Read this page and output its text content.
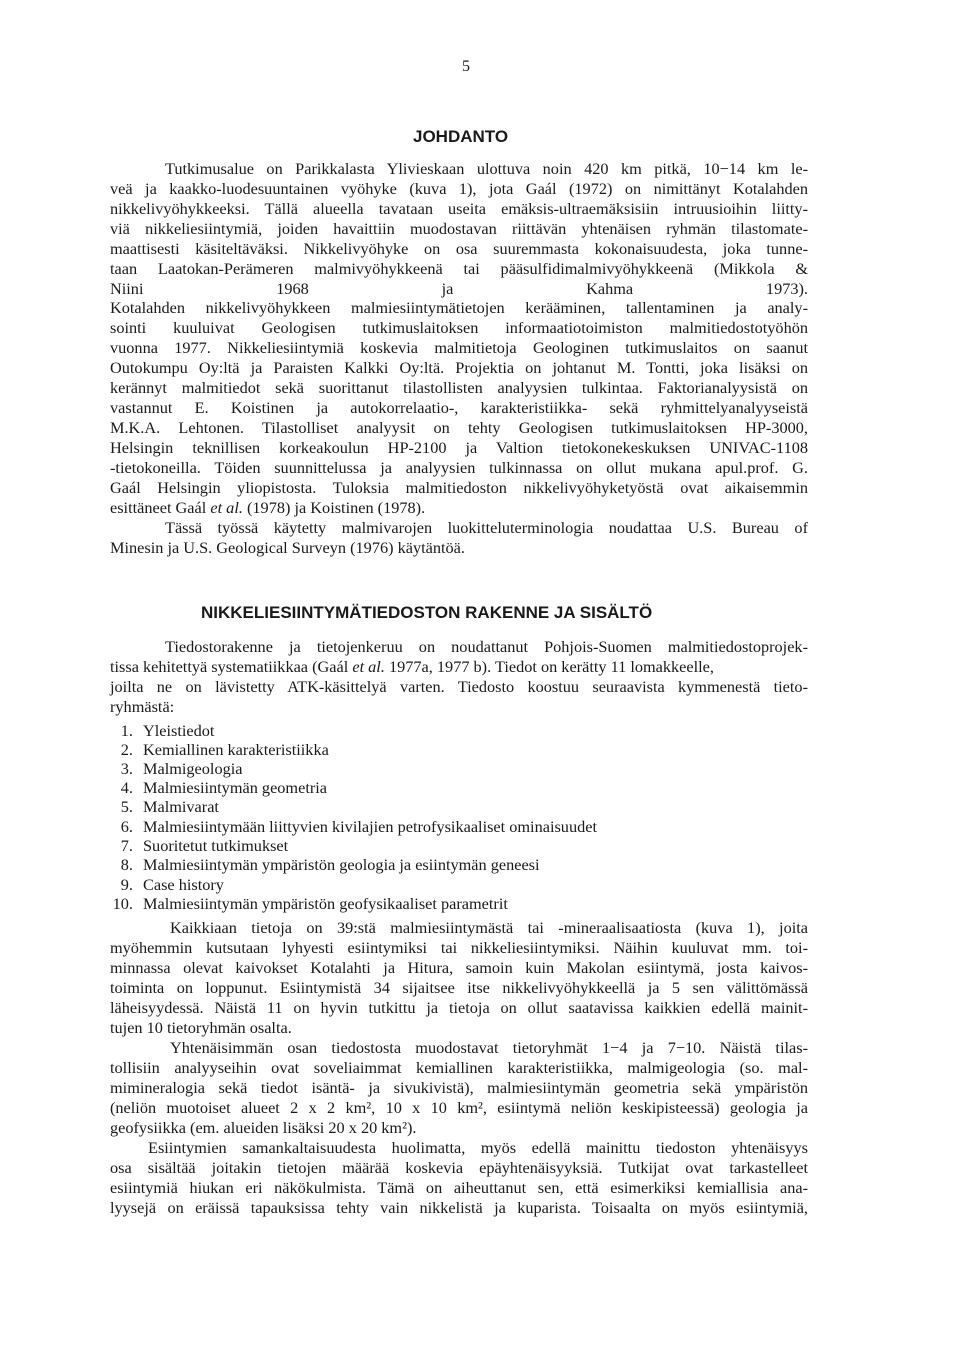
5
JOHDANTO
Tutkimusalue on Parikkalasta Ylivieskaan ulottuva noin 420 km pitkä, 10−14 km le-
veä ja kaakko-luodesuuntainen vyöhyke (kuva 1), jota Gaál (1972) on nimittänyt Kotalahden
nikkelivyöhykkeeksi. Tällä alueella tavataan useita emäksis-ultraemäksisiin intruusioihin liitty-
viä nikkeliesiintymiä, joiden havaittiin muodostavan riittävän yhtenäisen ryhmän tilastomate-
maattisesti käsiteltäväksi. Nikkelivyöhyke on osa suuremmasta kokonaisuudesta, joka tunne-
taan Laatokan-Perämeren malmivyöhykkeenä tai pääsulfidimalmivyöhykkeenä (Mikkola &
Niini 1968 ja Kahma 1973).
Kotalahden nikkelivyöhykkeen malmiesiintymätietojen kerääminen, tallentaminen ja analy-
sointi kuuluivat Geologisen tutkimuslaitoksen informaatiotoimiston malmitiedostotyöhön
vuonna 1977. Nikkeliesiintymiä koskevia malmitietoja Geologinen tutkimuslaitos on saanut
Outokumpu Oy:ltä ja Paraisten Kalkki Oy:ltä. Projektia on johtanut M. Tontti, joka lisäksi on
kerännyt malmitiedot sekä suorittanut tilastollisten analyysien tulkintaa. Faktorianalyysistä on
vastannut E. Koistinen ja autokorrelaatio-, karakteristiikka- sekä ryhmittelyanalyyseistä
M.K.A. Lehtonen. Tilastolliset analyysit on tehty Geologisen tutkimuslaitoksen HP-3000,
Helsingin teknillisen korkeakoulun HP-2100 ja Valtion tietokonekeskuksen UNIVAC-1108
-tietokoneilla. Töiden suunnittelussa ja analyysien tulkinnassa on ollut mukana apul.prof. G.
Gaál Helsingin yliopistosta. Tuloksia malmitiedoston nikkelivyöhyketyöstä ovat aikaisemmin
esittäneet Gaál et al. (1978) ja Koistinen (1978).
Tässä työssä käytetty malmivarojen luokitteluterminologia noudattaa U.S. Bureau of
Minesin ja U.S. Geological Surveyn (1976) käytäntöä.
NIKKELIESIINTYMÄTIEDOSTON RAKENNE JA SISÄLTÖ
Tiedostorakenne ja tietojenkeruu on noudattanut Pohjois-Suomen malmitiedostoprojek-
tissa kehitettyä systematiikkaa (Gaál et al. 1977a, 1977 b). Tiedot on kerätty 11 lomakkeelle,
joilta ne on lävistetty ATK-käsittelyä varten. Tiedosto koostuu seuraavista kymmenestä tieto-
ryhmästä:
1. Yleistiedot
2. Kemiallinen karakteristiikka
3. Malmigeologia
4. Malmiesiintymän geometria
5. Malmivarat
6. Malmiesiintymään liittyvien kivilajien petrofysikaaliset ominaisuudet
7. Suoritetut tutkimukset
8. Malmiesiintymän ympäristön geologia ja esiintymän geneesi
9. Case history
10. Malmiesiintymän ympäristön geofysikaaliset parametrit
Kaikkiaan tietoja on 39:stä malmiesiintymästä tai -mineraalisaatiosta (kuva 1), joita
myöhemmin kutsutaan lyhyesti esiintymiksi tai nikkeliesiintymiksi. Näihin kuuluvat mm. toi-
minnassa olevat kaivokset Kotalahti ja Hitura, samoin kuin Makolan esiintymä, josta kaivos-
toiminta on loppunut. Esiintymistä 34 sijaitsee itse nikkelivyöhykkeellä ja 5 sen välittömässä
läheisyydessä. Näistä 11 on hyvin tutkittu ja tietoja on ollut saatavissa kaikkien edellä mainit-
tujen 10 tietoryhmän osalta.
Yhtenäisimmän osan tiedostosta muodostavat tietoryhmät 1−4 ja 7−10. Näistä tilas-
tollisiin analyyseihin ovat soveliaimmat kemiallinen karakteristiikka, malmigeologia (so. mal-
mimineralogia sekä tiedot isäntä- ja sivukivistä), malmiesiintymän geometria sekä ympäristön
(neliön muotoiset alueet 2 x 2 km², 10 x 10 km², esiintymä neliön keskipisteessä) geologia ja
geofysiikka (em. alueiden lisäksi 20 x 20 km²).
Esiintymien samankaltaisuudesta huolimatta, myös edellä mainittu tiedoston yhtenäisyys
osa sisältää joitakin tietojen määrää koskevia epäyhtenäisyyksiä. Tutkijat ovat tarkastelleet
esiintymiä hiukan eri näkökulmista. Tämä on aiheuttanut sen, että esimerkiksi kemiallisia ana-
lyysejä on eräissä tapauksissa tehty vain nikkelistä ja kuparista. Toisaalta on myös esiintymiä,
